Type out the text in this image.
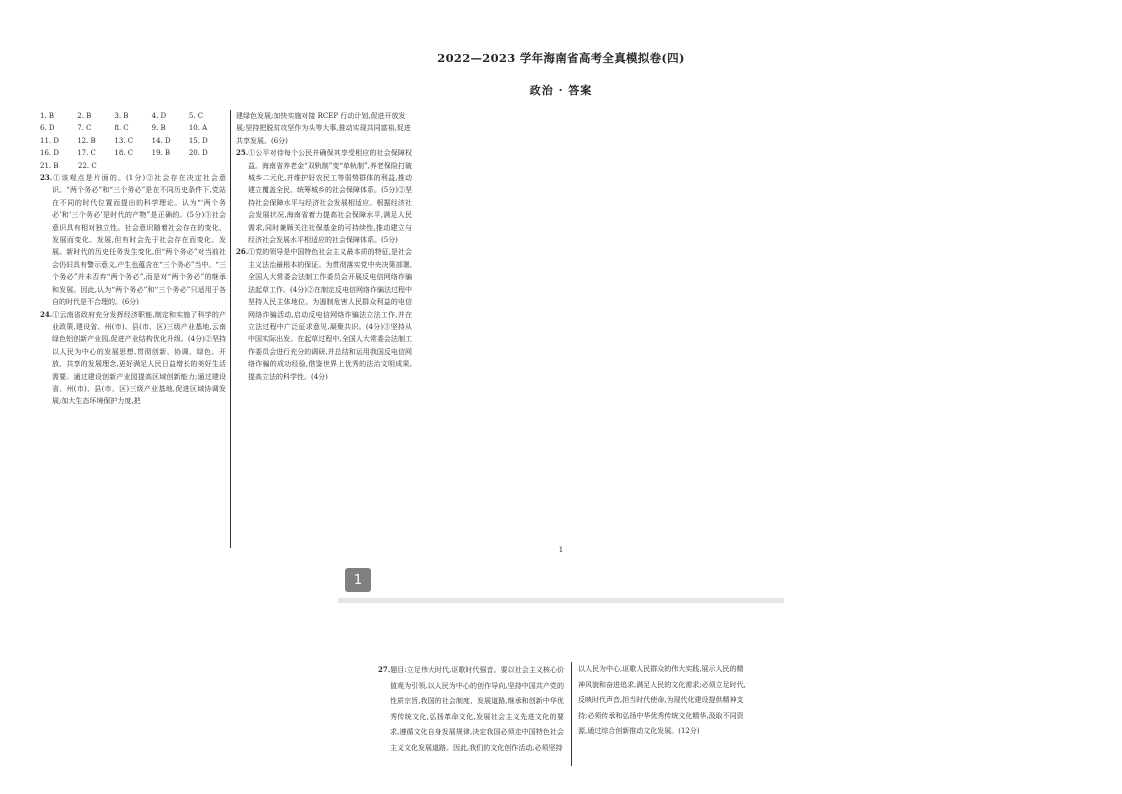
2022—2023 学年海南省高考全真模拟卷(四)
政治 · 答案
1
1. B	2. B	3. B	4. D	5. C
6. D	7. C	8. C	9. B	10. A
11. D	12. B	13. C	14. D	15. D
16. D	17. C	18. C	19. B	20. D
21. B	22. C
23.①该观点是片面的。(1分)②社会存在决定社会意识。“两个务必”和“三个务必”是在不同历史条件下,党站在不同的时代位置而提出的科学理论。认为“‘两个务必’和‘三个务必’是时代的产物”是正确的。(5分)③社会意识具有相对独立性。社会意识随着社会存在的变化、发展而变化、发展,但有时会先于社会存在而变化、发展。新时代的历史任务发生变化,但“两个务必”对当前社会仍旧具有警示意义,产生也蕴含在“三个务必”当中。“三个务必”并未否弃“两个务必”,而是对“两个务必”的继承和发展。因此,认为“两个务必”和“三个务必”只适用于各自的时代是不合理的。(6分)
24.①云南省政府充分发挥经济职能,制定和实施了科学的产业政策,建设省、州(市)、县(市、区)三级产业基地,云南绿色铝创新产业园,促进产业结构优化升级。(4分)②坚持以人民为中心的发展思想,贯彻创新、协调、绿色、开放、共享的发展理念,更好满足人民日益增长的美好生活需要。通过建设创新产业园提高区域创新能力;通过建设省、州(市)、县(市、区)三级产业基地,促进区域协调发展;加大生态环境保护力度,把
建绿色发展;加快实施对接 RCEP 行动计划,促进开放发展;坚持把脱贫攻坚作为头等大事,推动实现共同富裕,促进共享发展。(6分)
25.①公平对待每个公民并确保其享受相应的社会保障权益。海南省养老金“双轨制”变“单轨制”,养老保险打破城乡二元化,并维护好农民工等弱势群体的利益,推动建立覆盖全民、统筹城乡的社会保障体系。(5分)②坚持社会保障水平与经济社会发展相适应。根据经济社会发展状况,海南省着力提高社会保障水平,满足人民需求,同时兼顾关注社保基金的可持续性,推动建立与经济社会发展水平相适应的社会保障体系。(5分)
26.①党的领导是中国特色社会主义最本质的特征,是社会主义法治最根本的保证。为贯彻落实党中央决策部署,全国人大常委会法制工作委员会开展反电信网络诈骗法起草工作。(4分)②在制定反电信网络诈骗法过程中坚持人民主体地位。为遏制危害人民群众利益的电信网络诈骗活动,启动反电信网络诈骗法立法工作,并在立法过程中广泛征求意见,凝聚共识。(4分)③坚持从中国实际出发。在起草过程中,全国人大常委会法制工作委员会进行充分的调研,并总结和运用我国反电信网络诈骗的成功经验,借鉴世界上优秀的法治文明成果,提高立法的科学性。(4分)
1
27.题目:立足伟大时代,讴歌时代强音。要以社会主义核心价值观为引领,以人民为中心的创作导向,坚持中国共产党的性质宗旨,我国的社会制度、发展道路,继承和创新中华优秀传统文化,弘扬革命文化,发展社会主义先进文化的要求,遵循文化自身发展规律,决定我国必须走中国特色社会主义文化发展道路。因此,我们的文化创作活动,必须坚持
以人民为中心,讴歌人民群众的伟大实践,展示人民的精神风貌和奋进追求,满足人民的文化需求;必须立足时代,反映时代声音,担当时代使命,为现代化建设提供精神支持;必须传承和弘扬中华优秀传统文化精华,汲取不同资源,通过综合创新推动文化发展。(12分)
